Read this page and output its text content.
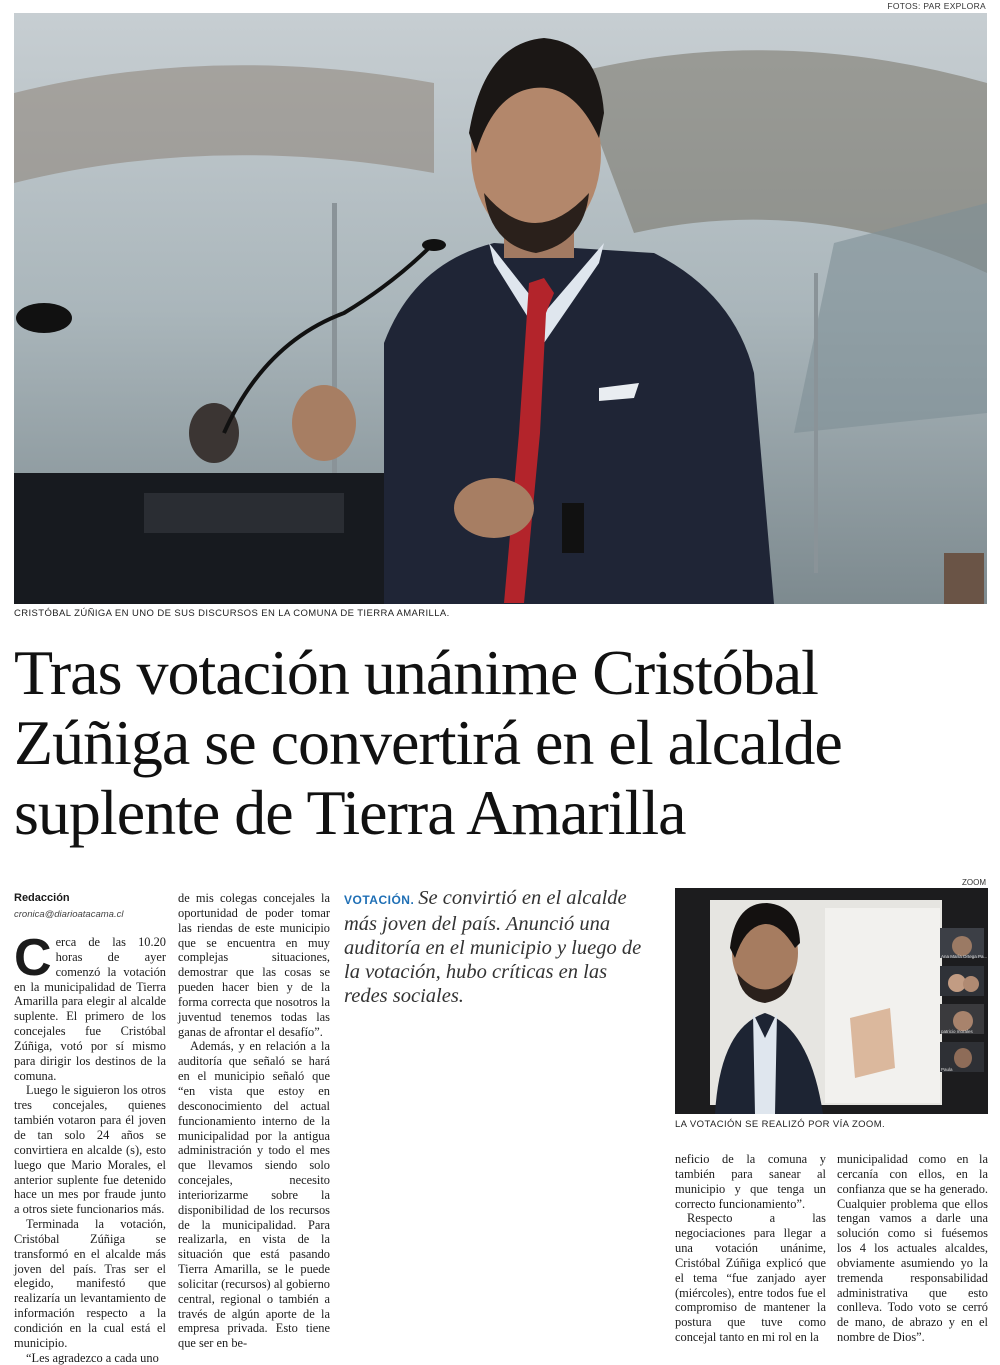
FOTOS: PAR EXPLORA
CRISTÓBAL ZÚÑIGA EN UNO DE SUS DISCURSOS EN LA COMUNA DE TIERRA AMARILLA.
Tras votación unánime Cristóbal
Zúñiga se convertirá en el alcalde
suplente de Tierra Amarilla
Redacción
cronica@diarioatacama.cl

Cerca de las 10.20 horas de ayer comenzó la votación en la municipalidad de Tierra Amarilla para elegir al alcalde suplente. El primero de los concejales fue Cristóbal Zúñiga, votó por sí mismo para dirigir los destinos de la comuna.

Luego le siguieron los otros tres concejales, quienes también votaron para él joven de tan solo 24 años se convirtiera en alcalde (s), esto luego que Mario Morales, el anterior suplente fue detenido hace un mes por fraude junto a otros siete funcionarios más.

Terminada la votación, Cristóbal Zúñiga se transformó en el alcalde más joven del país. Tras ser el elegido, manifestó que realizaría un levantamiento de información respecto a la condición en la cual está el municipio.

“Les agradezco a cada uno

de mis colegas concejales la oportunidad de poder tomar las riendas de este municipio que se encuentra en muy complejas situaciones, demostrar que las cosas se pueden hacer bien y de la forma correcta que nosotros la juventud tenemos todas las ganas de afrontar el desafío”.

Además, y en relación a la auditoría que señaló se hará en el municipio señaló que “en vista que estoy en desconocimiento del actual funcionamiento interno de la municipalidad por la antigua administración y todo el mes que llevamos siendo solo concejales, necesito interiorizarme sobre la disponibilidad de los recursos de la municipalidad. Para realizarla, en vista de la situación que está pasando Tierra Amarilla, se le puede solicitar (recursos) al gobierno central, regional o también a través de algún aporte de la empresa privada. Esto tiene que ser en be-

VOTACIÓN. Se convirtió en el alcalde más joven del país. Anunció una auditoría en el municipio y luego de la votación, hubo críticas en las redes sociales.
ZOOM
Ana María Ortega Pa...
patricio morales
Paula
LA VOTACIÓN SE REALIZÓ POR VÍA ZOOM.

neficio de la comuna y también para sanear al municipio y que tenga un correcto funcionamiento”.

Respecto a las negociaciones para llegar a una votación unánime, Cristóbal Zúñiga explicó que el tema “fue zanjado ayer (miércoles), entre todos fue el compromiso de mantener la postura que tuve como concejal tanto en mi rol en la

municipalidad como en la cercanía con ellos, en la confianza que se ha generado. Cualquier problema que ellos tengan vamos a darle una solución como si fuésemos los 4 los actuales alcaldes, obviamente asumiendo yo la tremenda responsabilidad administrativa que esto conlleva. Todo voto se cerró de mano, de abrazo y en el nombre de Dios”.
